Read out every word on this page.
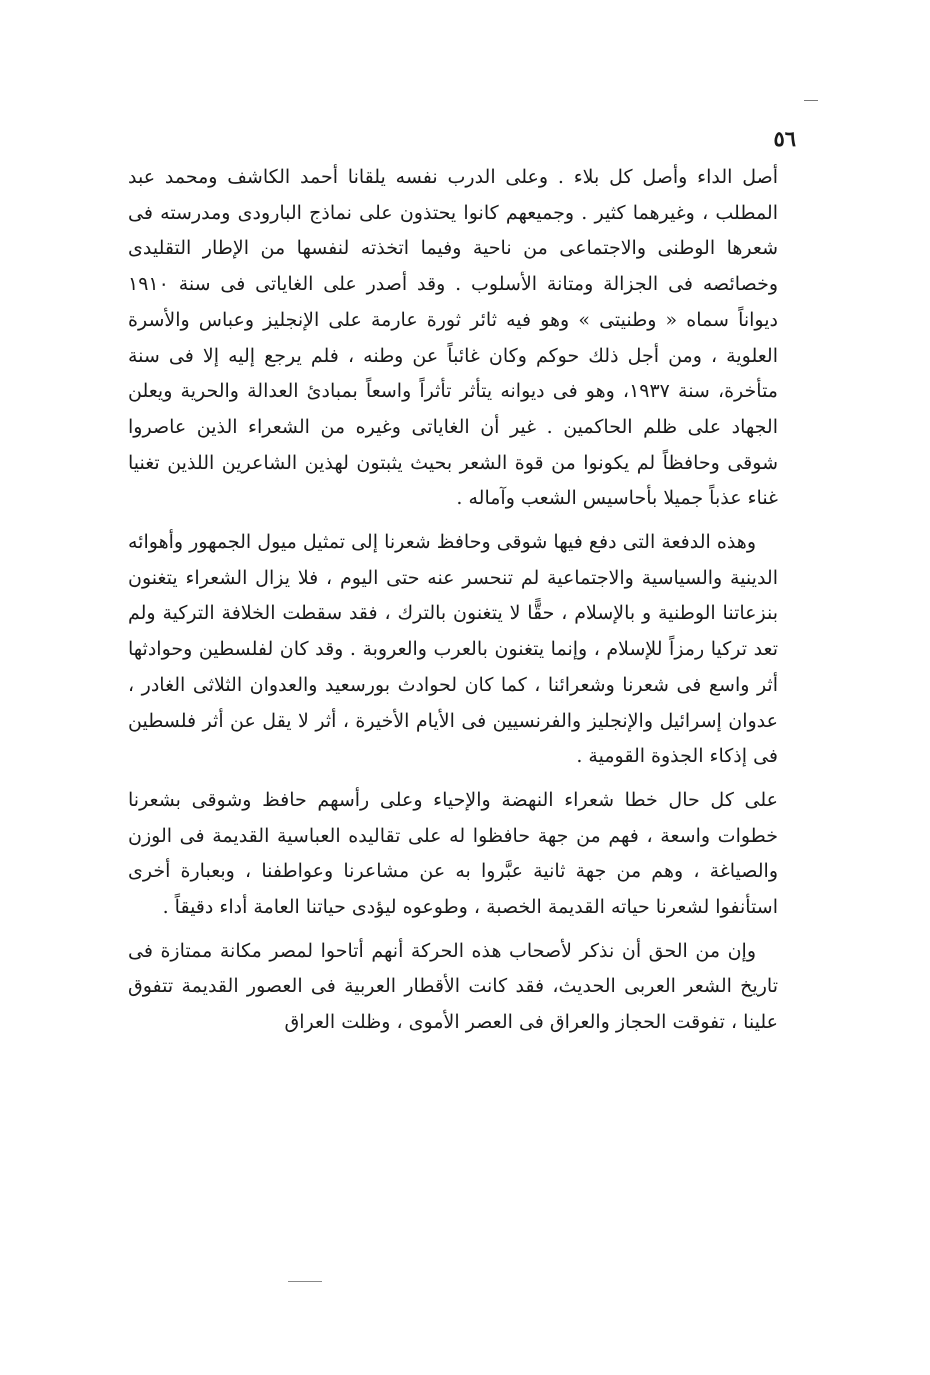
٥٦

أصل الداء وأصل كل بلاء . وعلى الدرب نفسه يلقانا أحمد الكاشف ومحمد عبد المطلب ، وغيرهما كثير . وجميعهم كانوا يحتذون على نماذج البارودى ومدرسته فى شعرها الوطنى والاجتماعى من ناحية وفيما اتخذته لنفسها من الإطار التقليدى وخصائصه فى الجزالة ومتانة الأسلوب . وقد أصدر على الغاياتى فى سنة ١٩١٠ ديواناً سماه « وطنيتى » وهو فيه ثائر ثورة عارمة على الإنجليز وعباس والأسرة العلوية ، ومن أجل ذلك حوكم وكان غائباً عن وطنه ، فلم يرجع إليه إلا فى سنة متأخرة، سنة ١٩٣٧، وهو فى ديوانه يتأثر تأثراً واسعاً بمبادئ العدالة والحرية ويعلن الجهاد على ظلم الحاكمين . غير أن الغاياتى وغيره من الشعراء الذين عاصروا شوقى وحافظاً لم يكونوا من قوة الشعر بحيث يثبتون لهذين الشاعرين اللذين تغنيا غناء عذباً جميلا بأحاسيس الشعب وآماله .

وهذه الدفعة التى دفع فيها شوقى وحافظ شعرنا إلى تمثيل ميول الجمهور وأهوائه الدينية والسياسية والاجتماعية لم تنحسر عنه حتى اليوم ، فلا يزال الشعراء يتغنون بنزعاتنا الوطنية و بالإسلام ، حقًّا لا يتغنون بالترك ، فقد سقطت الخلافة التركية ولم تعد تركيا رمزاً للإسلام ، وإنما يتغنون بالعرب والعروبة . وقد كان لفلسطين وحوادثها أثر واسع فى شعرنا وشعرائنا ، كما كان لحوادث بورسعيد والعدوان الثلاثى الغادر ، عدوان إسرائيل والإنجليز والفرنسيين فى الأيام الأخيرة ، أثر لا يقل عن أثر فلسطين فى إذكاء الجذوة القومية .

على كل حال خطا شعراء النهضة والإحياء وعلى رأسهم حافظ وشوقى بشعرنا خطوات واسعة ، فهم من جهة حافظوا له على تقاليده العباسية القديمة فى الوزن والصياغة ، وهم من جهة ثانية عبَّروا به عن مشاعرنا وعواطفنا ، وبعبارة أخرى استأنفوا لشعرنا حياته القديمة الخصبة ، وطوعوه ليؤدى حياتنا العامة أداء دقيقاً .

وإن من الحق أن نذكر لأصحاب هذه الحركة أنهم أتاحوا لمصر مكانة ممتازة فى تاريخ الشعر العربى الحديث، فقد كانت الأقطار العربية فى العصور القديمة تتفوق علينا ، تفوقت الحجاز والعراق فى العصر الأموى ، وظلت العراق
